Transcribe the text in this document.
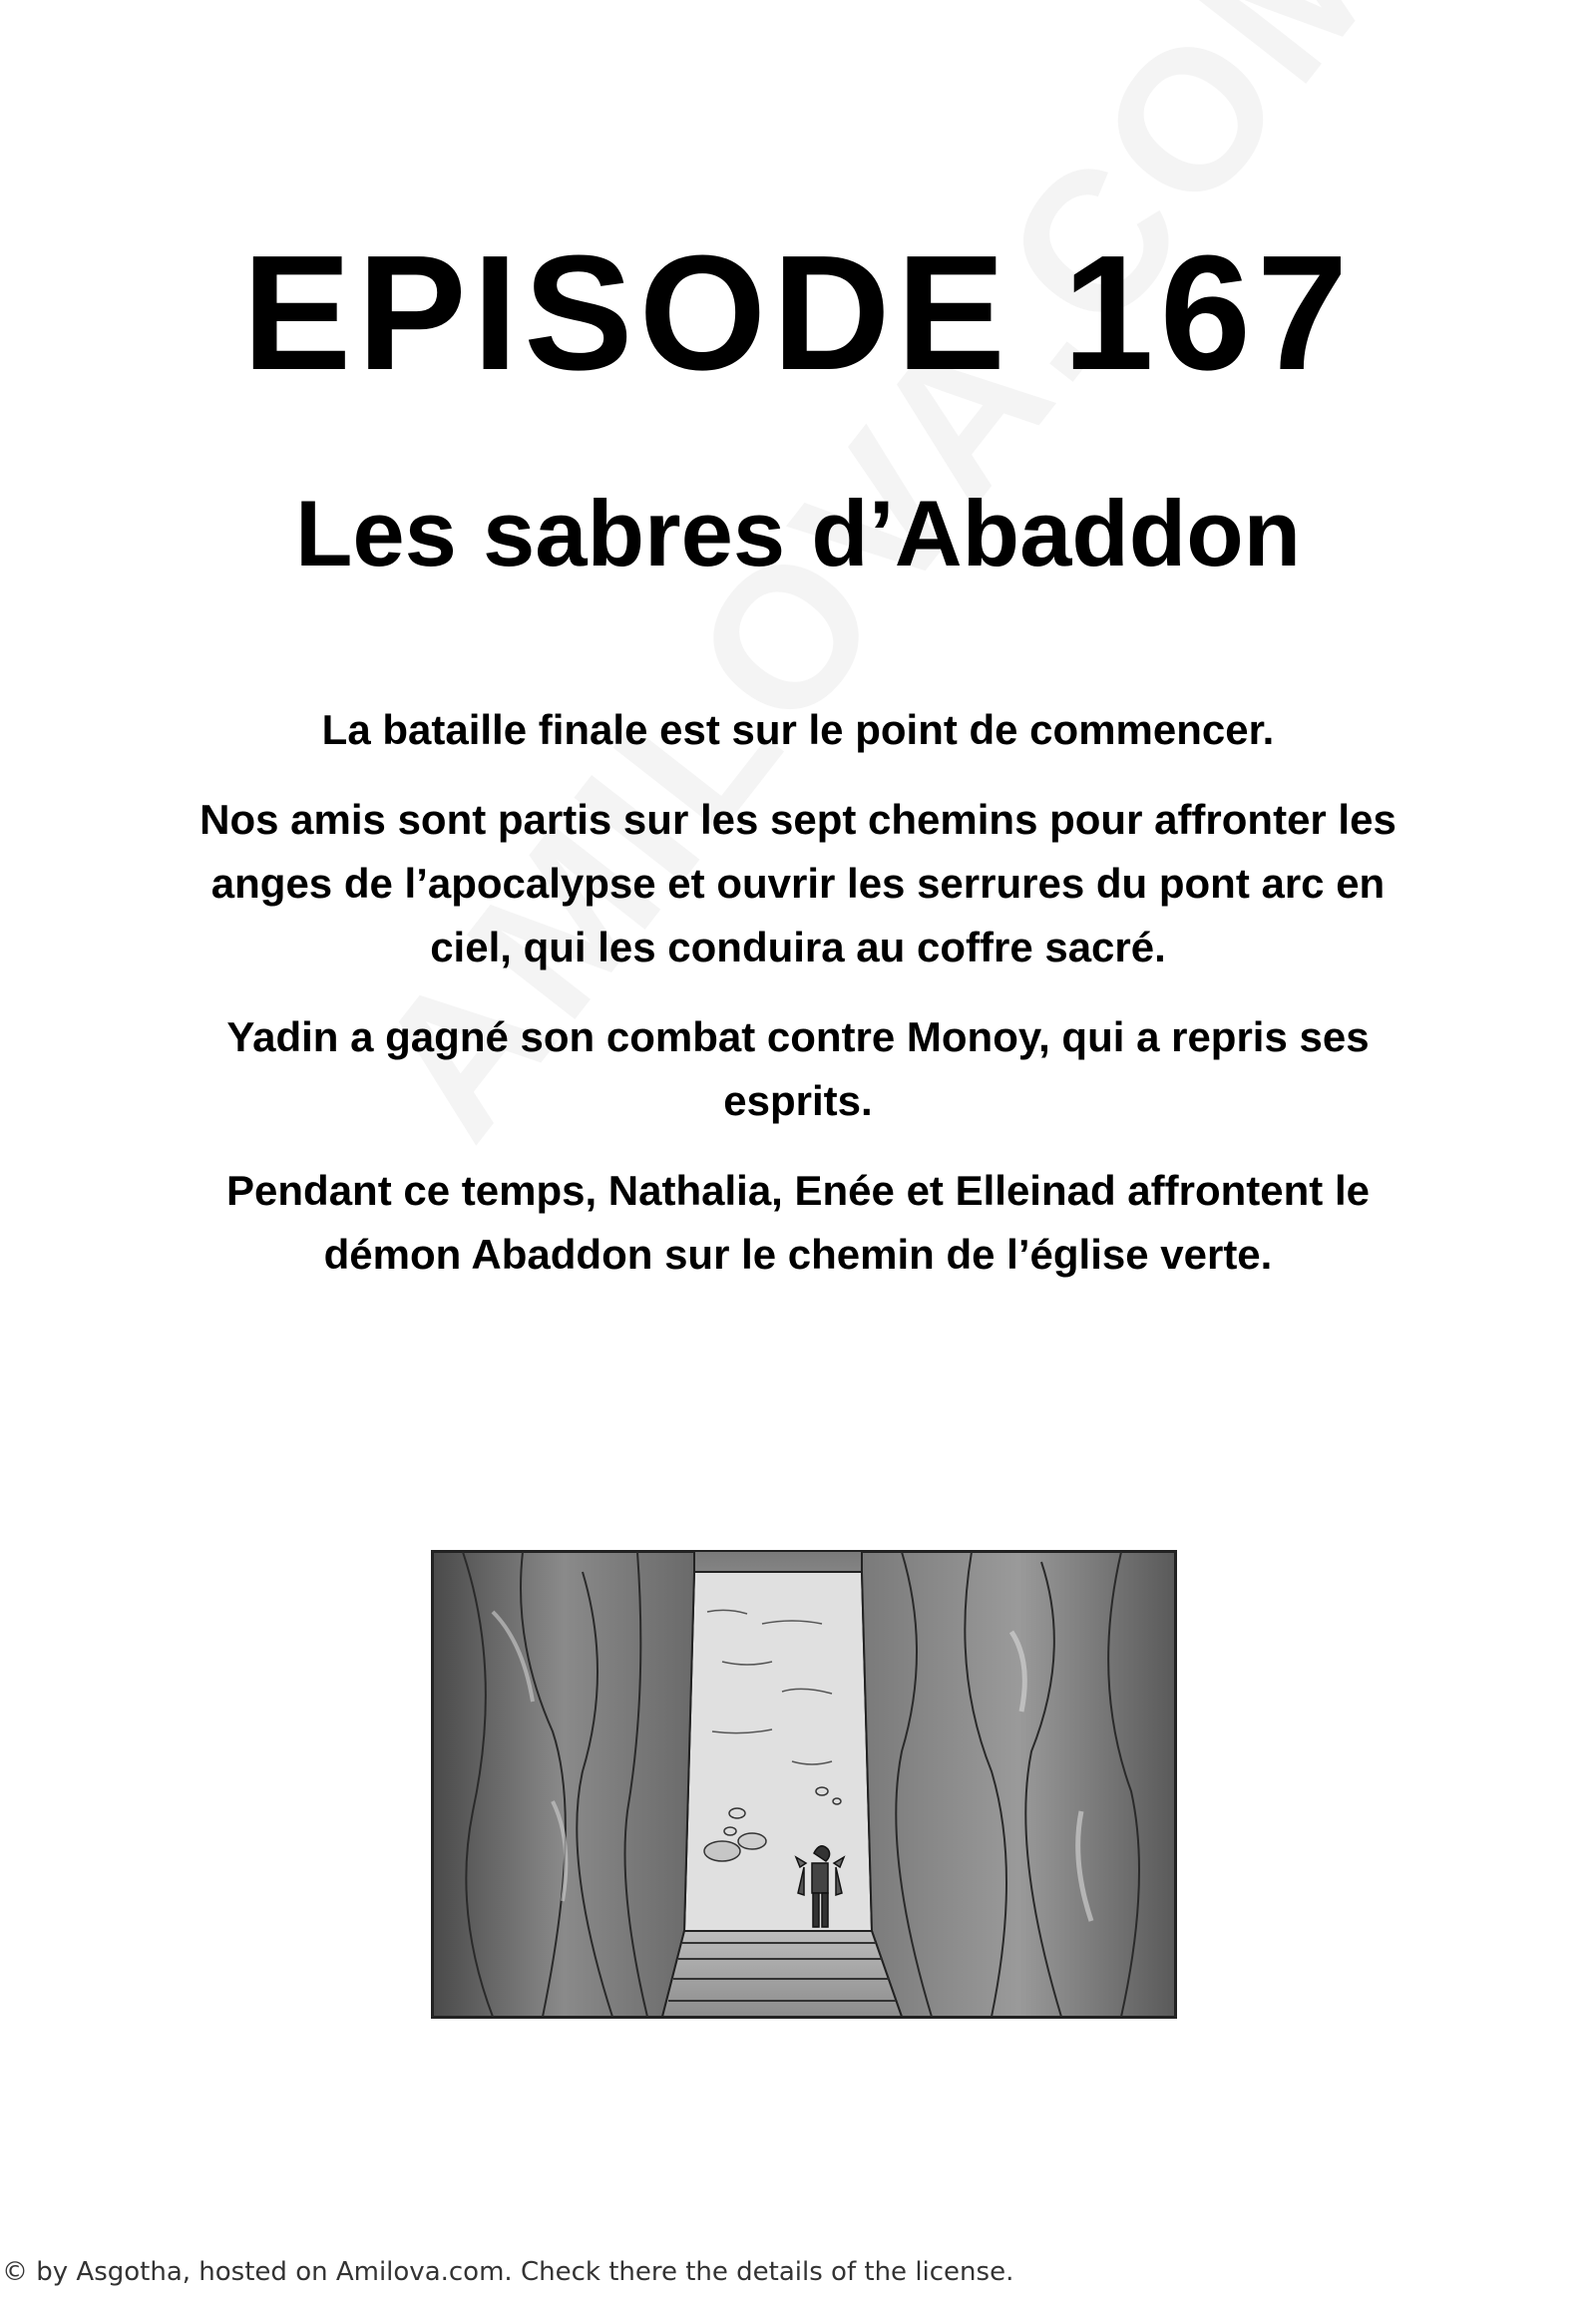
EPISODE 167
Les sabres d’Abaddon

La bataille finale est sur le point de commencer.

Nos amis sont partis sur les sept chemins pour affronter les anges de l’apocalypse et ouvrir les serrures du pont arc en ciel, qui les conduira au coffre sacré.

Yadin a gagné son combat contre Monoy, qui a repris ses esprits.

Pendant ce temps, Nathalia, Enée et Elleinad affrontent le démon Abaddon sur le chemin de l’église verte.

© by Asgotha, hosted on Amilova.com. Check there the details of the license.
